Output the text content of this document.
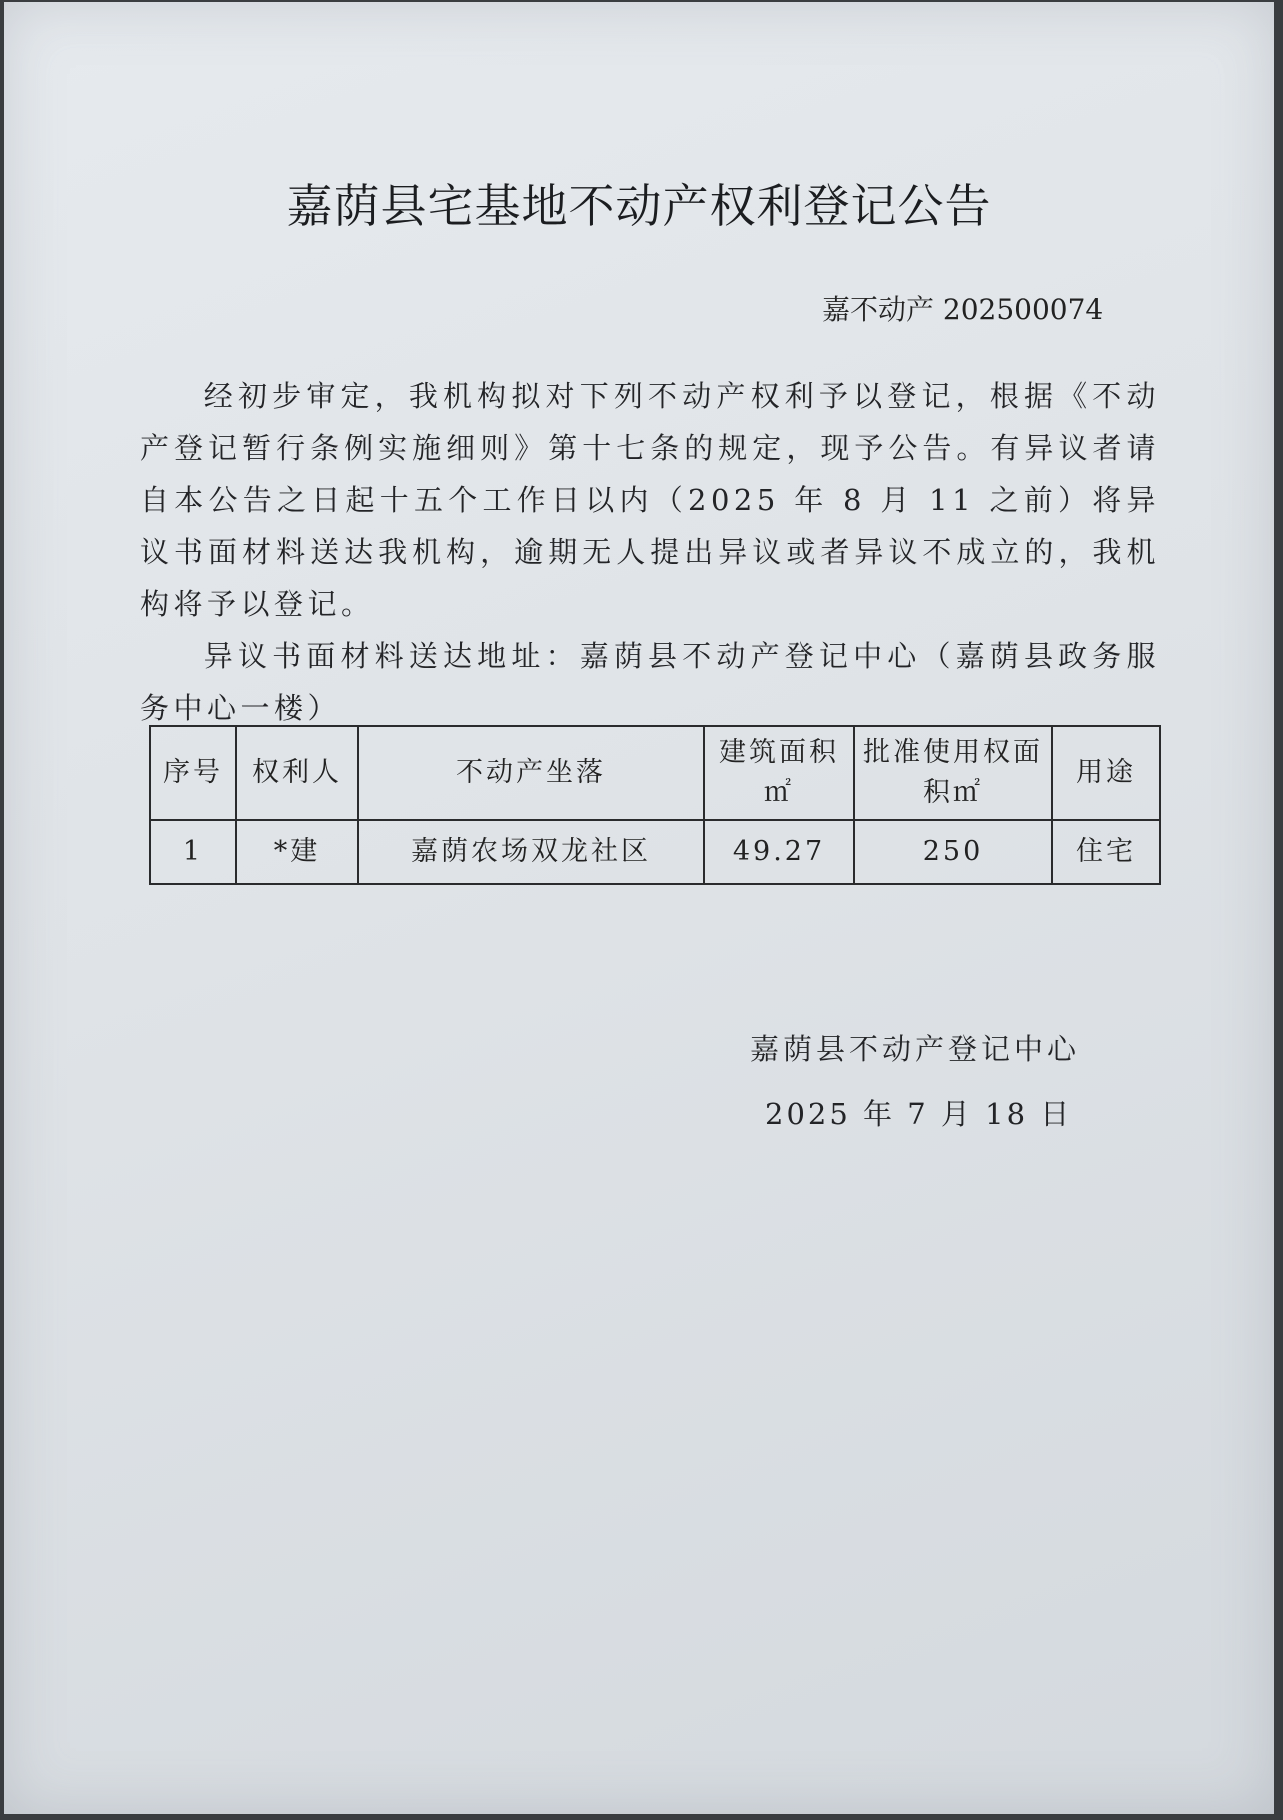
嘉荫县宅基地不动产权利登记公告
嘉不动产 202500074

经初步审定，我机构拟对下列不动产权利予以登记，根据《不动产登记暂行条例实施细则》第十七条的规定，现予公告。有异议者请自本公告之日起十五个工作日以内（2025 年 8 月 11 之前）将异议书面材料送达我机构，逾期无人提出异议或者异议不成立的，我机构将予以登记。

异议书面材料送达地址：嘉荫县不动产登记中心（嘉荫县政务服务中心一楼）

序号	权利人	不动产坐落	建筑面积㎡	批准使用权面积㎡	用途
1	*建	嘉荫农场双龙社区	49.27	250	住宅
嘉荫县不动产登记中心
2025 年 7 月 18 日
